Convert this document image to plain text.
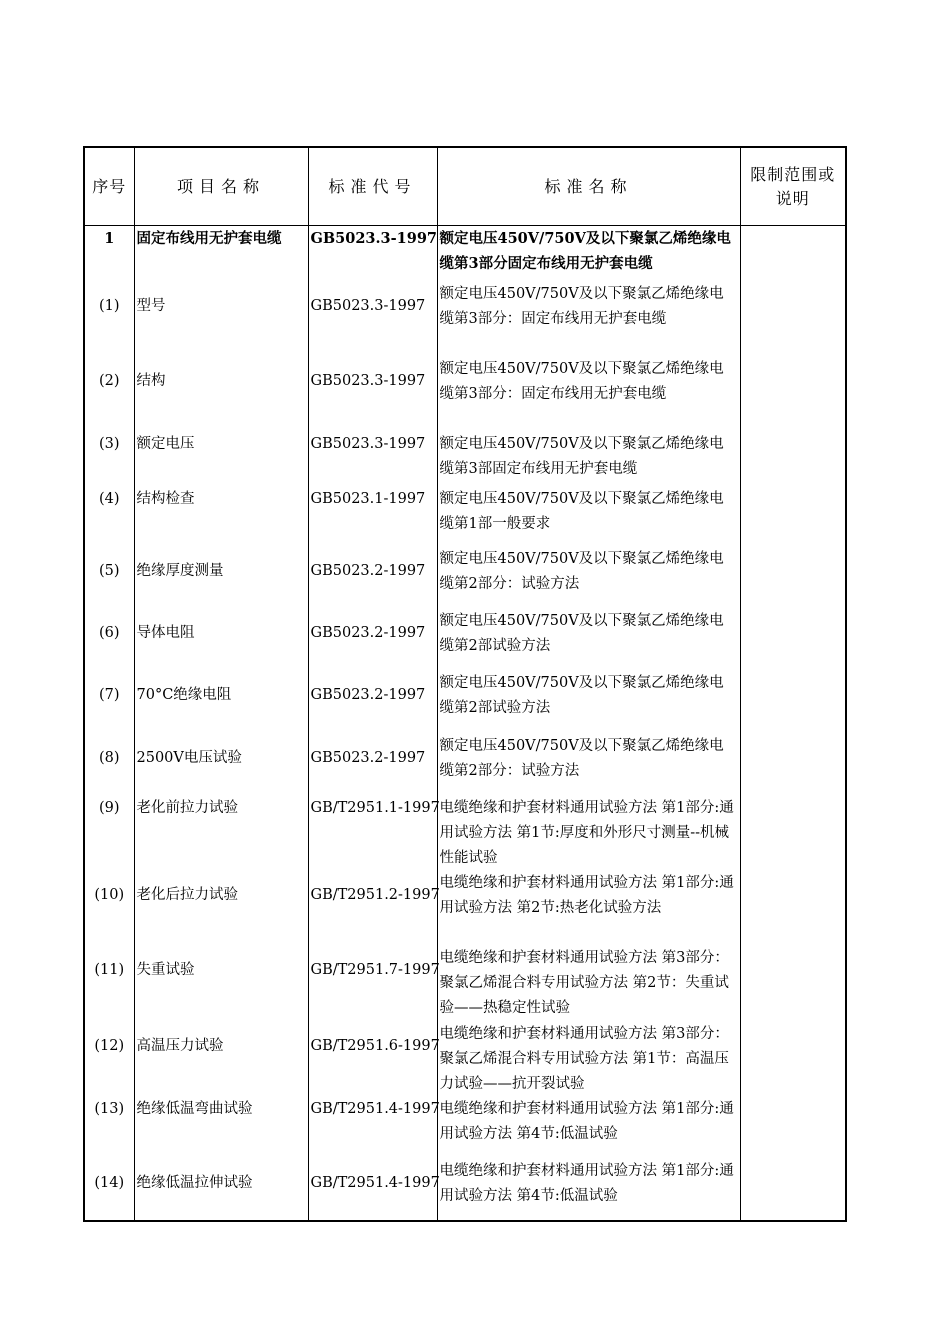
序号	项目名称	标准代号	标准名称	限制范围或
说明

1	固定布线用无护套电缆	GB5023.3-1997	额定电压450V/750V及以下聚氯乙烯绝缘电缆第3部分固定布线用无护套电缆	
(1)	型号	GB5023.3-1997	额定电压450V/750V及以下聚氯乙烯绝缘电缆第3部分：固定布线用无护套电缆	
(2)	结构	GB5023.3-1997	额定电压450V/750V及以下聚氯乙烯绝缘电缆第3部分：固定布线用无护套电缆	
(3)	额定电压	GB5023.3-1997	额定电压450V/750V及以下聚氯乙烯绝缘电缆第3部固定布线用无护套电缆	
(4)	结构检查	GB5023.1-1997	额定电压450V/750V及以下聚氯乙烯绝缘电缆第1部一般要求	
(5)	绝缘厚度测量	GB5023.2-1997	额定电压450V/750V及以下聚氯乙烯绝缘电缆第2部分：试验方法	
(6)	导体电阻	GB5023.2-1997	额定电压450V/750V及以下聚氯乙烯绝缘电缆第2部试验方法	
(7)	70°C绝缘电阻	GB5023.2-1997	额定电压450V/750V及以下聚氯乙烯绝缘电缆第2部试验方法	
(8)	2500V电压试验	GB5023.2-1997	额定电压450V/750V及以下聚氯乙烯绝缘电缆第2部分：试验方法	
(9)	老化前拉力试验	GB/T2951.1-1997	电缆绝缘和护套材料通用试验方法 第1部分:通用试验方法 第1节:厚度和外形尺寸测量--机械性能试验	
(10)	老化后拉力试验	GB/T2951.2-1997	电缆绝缘和护套材料通用试验方法 第1部分:通用试验方法 第2节:热老化试验方法	
(11)	失重试验	GB/T2951.7-1997	电缆绝缘和护套材料通用试验方法 第3部分：聚氯乙烯混合料专用试验方法 第2节：失重试验——热稳定性试验	
(12)	高温压力试验	GB/T2951.6-1997	电缆绝缘和护套材料通用试验方法 第3部分：聚氯乙烯混合料专用试验方法 第1节：高温压力试验——抗开裂试验	
(13)	绝缘低温弯曲试验	GB/T2951.4-1997	电缆绝缘和护套材料通用试验方法 第1部分:通用试验方法 第4节:低温试验	
(14)	绝缘低温拉伸试验	GB/T2951.4-1997	电缆绝缘和护套材料通用试验方法 第1部分:通用试验方法 第4节:低温试验	
